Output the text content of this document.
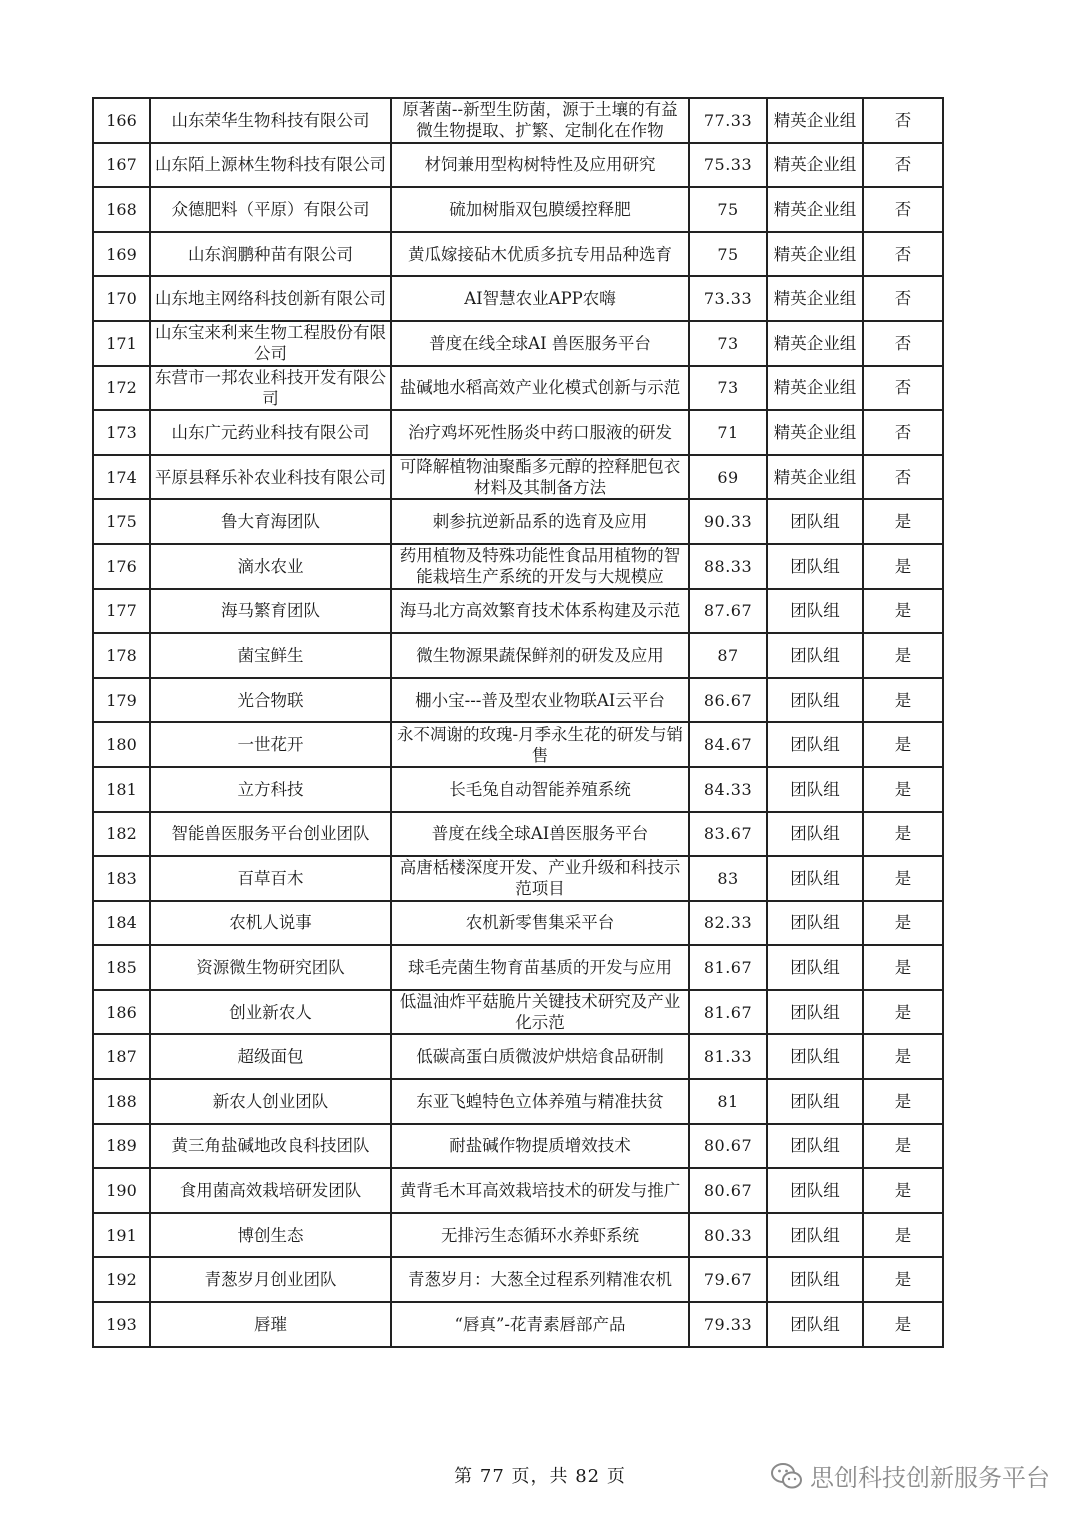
166	山东荣华生物科技有限公司	原著菌--新型生防菌，源于土壤的有益微生物提取、扩繁、定制化在作物	77.33	精英企业组	否
167	山东陌上源林生物科技有限公司	材饲兼用型构树特性及应用研究	75.33	精英企业组	否
168	众德肥料（平原）有限公司	硫加树脂双包膜缓控释肥	75	精英企业组	否
169	山东润鹏种苗有限公司	黄瓜嫁接砧木优质多抗专用品种选育	75	精英企业组	否
170	山东地主网络科技创新有限公司	AI智慧农业APP农嗨	73.33	精英企业组	否
171	山东宝来利来生物工程股份有限公司	普度在线全球AI 兽医服务平台	73	精英企业组	否
172	东营市一邦农业科技开发有限公司	盐碱地水稻高效产业化模式创新与示范	73	精英企业组	否
173	山东广元药业科技有限公司	治疗鸡坏死性肠炎中药口服液的研发	71	精英企业组	否
174	平原县释乐补农业科技有限公司	可降解植物油聚酯多元醇的控释肥包衣材料及其制备方法	69	精英企业组	否
175	鲁大育海团队	刺参抗逆新品系的选育及应用	90.33	团队组	是
176	滴水农业	药用植物及特殊功能性食品用植物的智能栽培生产系统的开发与大规模应	88.33	团队组	是
177	海马繁育团队	海马北方高效繁育技术体系构建及示范	87.67	团队组	是
178	菌宝鲜生	微生物源果蔬保鲜剂的研发及应用	87	团队组	是
179	光合物联	棚小宝---普及型农业物联AI云平台	86.67	团队组	是
180	一世花开	永不凋谢的玫瑰-月季永生花的研发与销售	84.67	团队组	是
181	立方科技	长毛兔自动智能养殖系统	84.33	团队组	是
182	智能兽医服务平台创业团队	普度在线全球AI兽医服务平台	83.67	团队组	是
183	百草百木	高唐栝楼深度开发、产业升级和科技示范项目	83	团队组	是
184	农机人说事	农机新零售集采平台	82.33	团队组	是
185	资源微生物研究团队	球毛壳菌生物育苗基质的开发与应用	81.67	团队组	是
186	创业新农人	低温油炸平菇脆片关键技术研究及产业化示范	81.67	团队组	是
187	超级面包	低碳高蛋白质微波炉烘焙食品研制	81.33	团队组	是
188	新农人创业团队	东亚飞蝗特色立体养殖与精准扶贫	81	团队组	是
189	黄三角盐碱地改良科技团队	耐盐碱作物提质增效技术	80.67	团队组	是
190	食用菌高效栽培研发团队	黄背毛木耳高效栽培技术的研发与推广	80.67	团队组	是
191	博创生态	无排污生态循环水养虾系统	80.33	团队组	是
192	青葱岁月创业团队	青葱岁月：大葱全过程系列精准农机	79.67	团队组	是
193	唇璀	“唇真”-花青素唇部产品	79.33	团队组	是
第 77 页，共 82 页	思创科技创新服务平台
